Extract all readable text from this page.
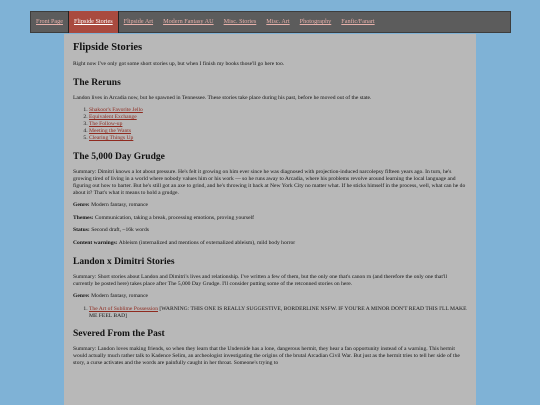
Front Page	Flipside Stories	Flipside Art	Modern Fantasy AU	Misc. Stories	Misc. Art	Photography	Fanfic/Fanart
Flipside Stories

Right now I've only got some short stories up, but when I finish my books those'll go here too.

The Reruns

Landon lives in Arcadia now, but he spawned in Tennessee. These stories take place during his past, before he moved out of the state.

1. Shakoor's Favorite Jello
2. Equivalent Exchange
3. The Follow-up
4. Meeting the Wants
5. Clearing Things Up
The 5,000 Day Grudge

Summary: Dimitri knows a lot about pressure. He's felt it growing on him ever since he was diagnosed with projection-induced narcolepsy fifteen years ago. In turn, he's growing tired of living in a world where nobody values him or his work — so he runs away to Arcadia, where his problems revolve around learning the local language and figuring out how to barter. But he's still got an axe to grind, and he's throwing it back at New York City no matter what. If he sticks himself in the process, well, what can he do about it? That's what it means to hold a grudge.

Genre: Modern fantasy, romance

Themes: Communication, taking a break, processing emotions, proving yourself

Status: Second draft, ~16k words

Content warnings: Ableism (internalized and mentions of externalized ableism), mild body horror

Landon x Dimitri Stories

Summary: Short stories about Landon and Dimitri's lives and relationship. I've written a few of them, but the only one that's canon rn (and therefore the only one that'll currently be posted here) takes place after The 5,000 Day Grudge. I'll consider putting some of the retconned stories on here.

Genre: Modern fantasy, romance

1. The Art of Sublime Possession [WARNING: THIS ONE IS REALLY SUGGESTIVE, BORDERLINE NSFW. IF YOU'RE A MINOR DON'T READ THIS I'LL MAKE ME FEEL BAD]
Severed From the Past

Summary: Landon loves making friends, so when they learn that the Underside has a lone, dangerous hermit, they hear a fan opportunity instead of a warning. This hermit would actually much rather talk to Kadence Selim, an archeologist investigating the origins of the brutal Arcadian Civil War. But just as the hermit tries to tell her side of the story, a curse activates and the words are painfully caught in her throat. Someone's trying to
